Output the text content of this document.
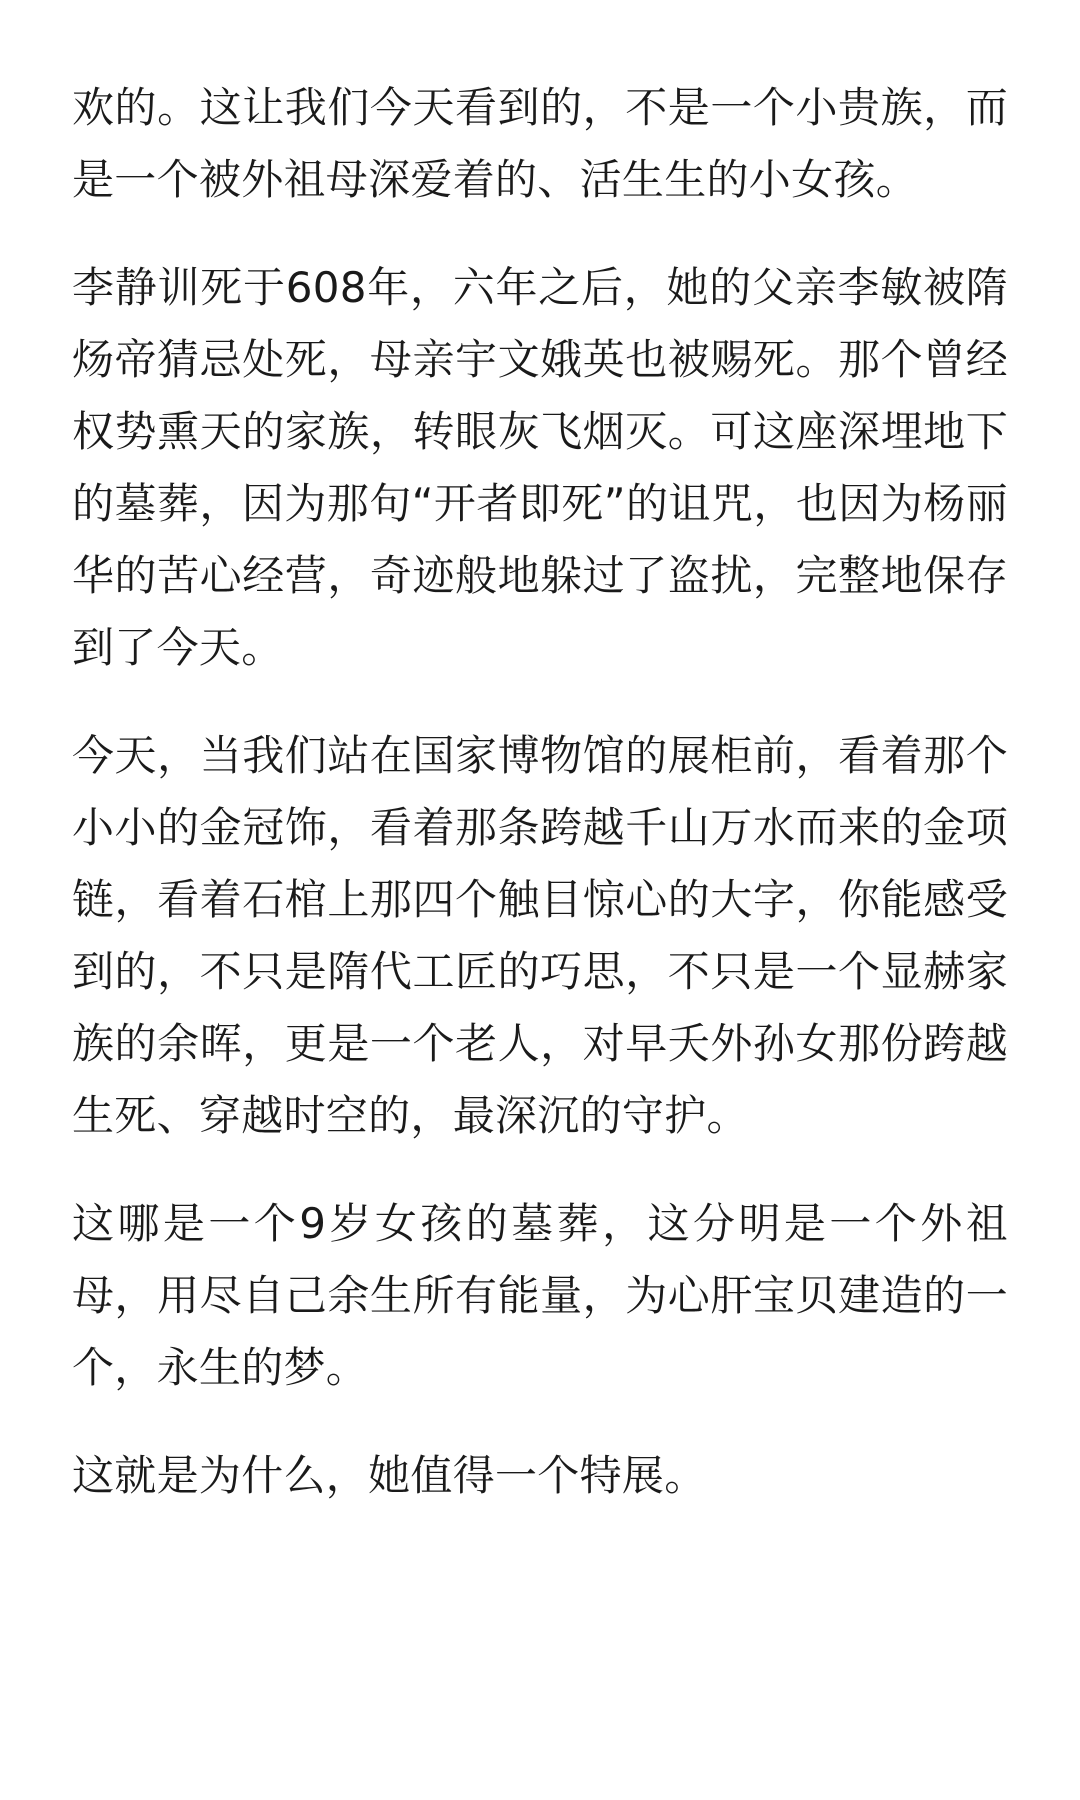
欢的。这让我们今天看到的，不是一个小贵族，而是一个被外祖母深爱着的、活生生的小女孩。

李静训死于608年，六年之后，她的父亲李敏被隋炀帝猜忌处死，母亲宇文娥英也被赐死。那个曾经权势熏天的家族，转眼灰飞烟灭。可这座深埋地下的墓葬，因为那句“开者即死”的诅咒，也因为杨丽华的苦心经营，奇迹般地躲过了盗扰，完整地保存到了今天。

今天，当我们站在国家博物馆的展柜前，看着那个小小的金冠饰，看着那条跨越千山万水而来的金项链，看着石棺上那四个触目惊心的大字，你能感受到的，不只是隋代工匠的巧思，不只是一个显赫家族的余晖，更是一个老人，对早夭外孙女那份跨越生死、穿越时空的，最深沉的守护。

这哪是一个9岁女孩的墓葬，这分明是一个外祖母，用尽自己余生所有能量，为心肝宝贝建造的一个，永生的梦。

这就是为什么，她值得一个特展。
